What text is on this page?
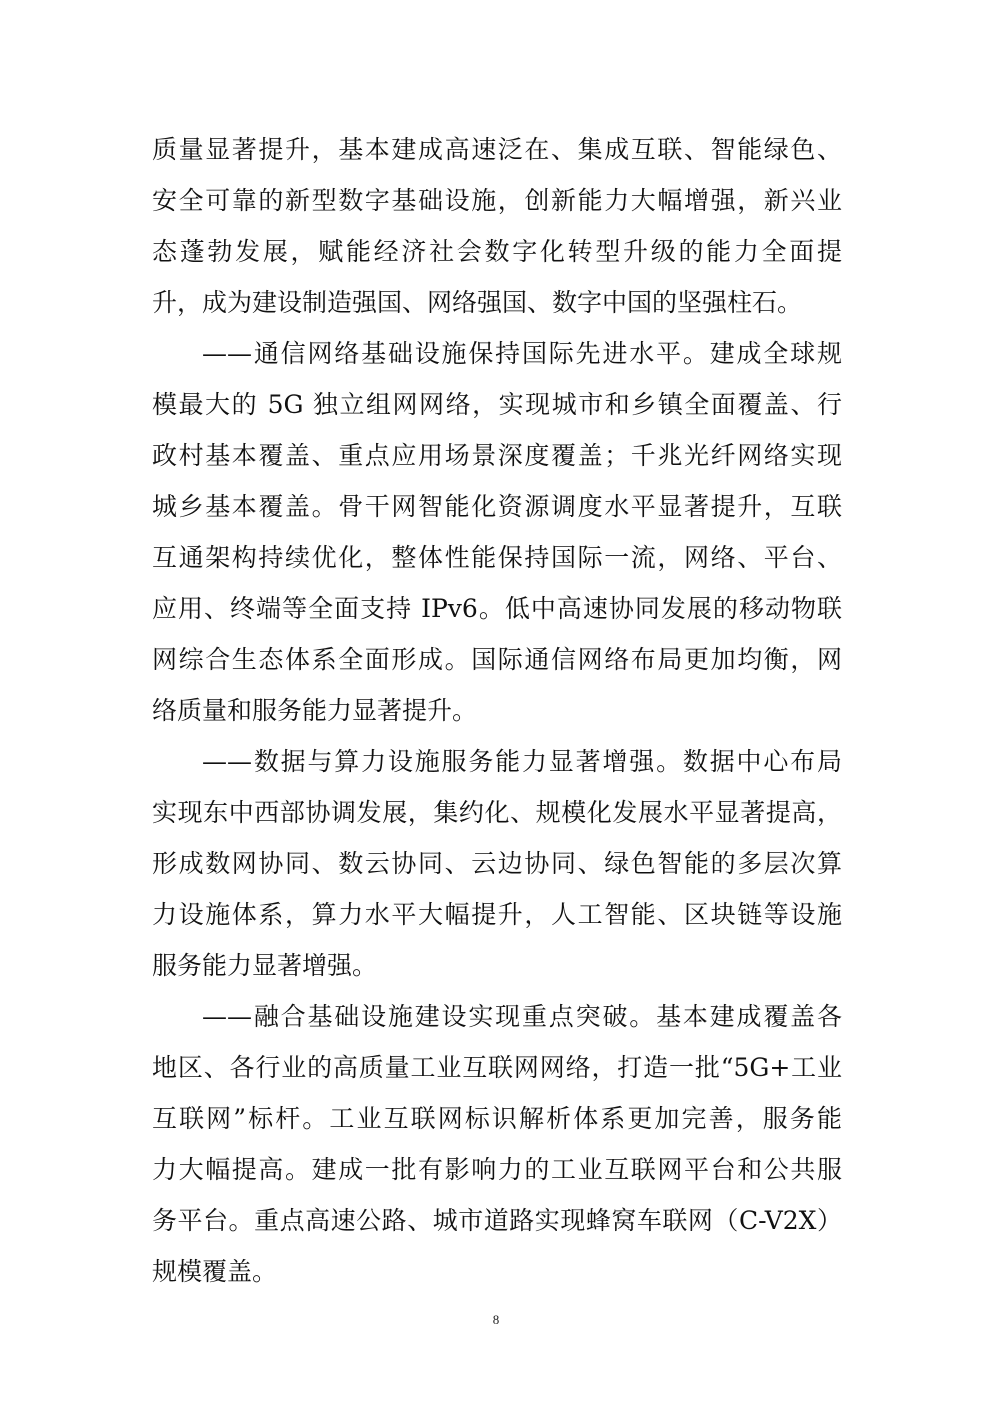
质量显著提升，基本建成高速泛在、集成互联、智能绿色、
安全可靠的新型数字基础设施，创新能力大幅增强，新兴业
态蓬勃发展，赋能经济社会数字化转型升级的能力全面提
升，成为建设制造强国、网络强国、数字中国的坚强柱石。
——通信网络基础设施保持国际先进水平。建成全球规
模最大的 5G 独立组网网络，实现城市和乡镇全面覆盖、行
政村基本覆盖、重点应用场景深度覆盖；千兆光纤网络实现
城乡基本覆盖。骨干网智能化资源调度水平显著提升，互联
互通架构持续优化，整体性能保持国际一流，网络、平台、
应用、终端等全面支持 IPv6。低中高速协同发展的移动物联
网综合生态体系全面形成。国际通信网络布局更加均衡，网
络质量和服务能力显著提升。
——数据与算力设施服务能力显著增强。数据中心布局
实现东中西部协调发展，集约化、规模化发展水平显著提高，
形成数网协同、数云协同、云边协同、绿色智能的多层次算
力设施体系，算力水平大幅提升，人工智能、区块链等设施
服务能力显著增强。
——融合基础设施建设实现重点突破。基本建成覆盖各
地区、各行业的高质量工业互联网网络，打造一批“5G+工业
互联网”标杆。工业互联网标识解析体系更加完善，服务能
力大幅提高。建成一批有影响力的工业互联网平台和公共服
务平台。重点高速公路、城市道路实现蜂窝车联网（C-V2X）
规模覆盖。
8
